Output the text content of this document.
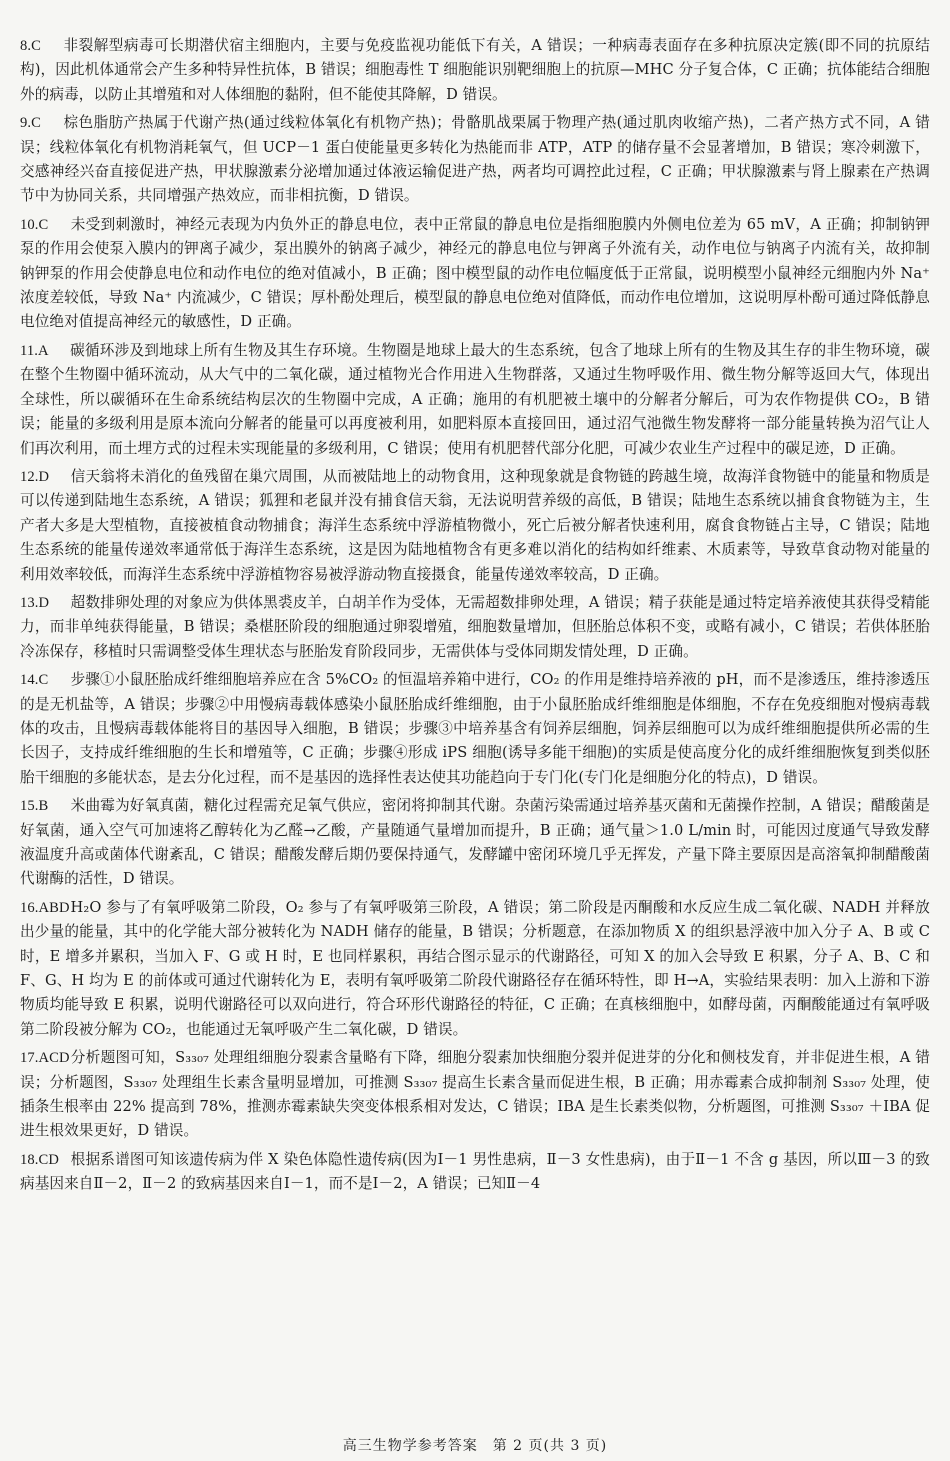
8.C 非裂解型病毒可长期潜伏宿主细胞内，主要与免疫监视功能低下有关，A 错误；一种病毒表面存在多种抗原决定簇(即不同的抗原结构)，因此机体通常会产生多种特异性抗体，B 错误；细胞毒性 T 细胞能识别靶细胞上的抗原—MHC 分子复合体，C 正确；抗体能结合细胞外的病毒，以防止其增殖和对人体细胞的黏附，但不能使其降解，D 错误。
9.C 棕色脂肪产热属于代谢产热(通过线粒体氧化有机物产热)；骨骼肌战栗属于物理产热(通过肌肉收缩产热)，二者产热方式不同，A 错误；线粒体氧化有机物消耗氧气，但 UCP－1 蛋白使能量更多转化为热能而非 ATP，ATP 的储存量不会显著增加，B 错误；寒冷刺激下，交感神经兴奋直接促进产热，甲状腺激素分泌增加通过体液运输促进产热，两者均可调控此过程，C 正确；甲状腺激素与肾上腺素在产热调节中为协同关系，共同增强产热效应，而非相抗衡，D 错误。
10.C 未受到刺激时，神经元表现为内负外正的静息电位，表中正常鼠的静息电位是指细胞膜内外侧电位差为 65 mV，A 正确；抑制钠钾泵的作用会使泵入膜内的钾离子减少，泵出膜外的钠离子减少，神经元的静息电位与钾离子外流有关，动作电位与钠离子内流有关，故抑制钠钾泵的作用会使静息电位和动作电位的绝对值减小，B 正确；图中模型鼠的动作电位幅度低于正常鼠，说明模型小鼠神经元细胞内外 Na⁺ 浓度差较低，导致 Na⁺ 内流减少，C 错误；厚朴酚处理后，模型鼠的静息电位绝对值降低，而动作电位增加，这说明厚朴酚可通过降低静息电位绝对值提高神经元的敏感性，D 正确。
11.A 碳循环涉及到地球上所有生物及其生存环境。生物圈是地球上最大的生态系统，包含了地球上所有的生物及其生存的非生物环境，碳在整个生物圈中循环流动，从大气中的二氧化碳，通过植物光合作用进入生物群落，又通过生物呼吸作用、微生物分解等返回大气，体现出全球性，所以碳循环在生命系统结构层次的生物圈中完成，A 正确；施用的有机肥被土壤中的分解者分解后，可为农作物提供 CO₂，B 错误；能量的多级利用是原本流向分解者的能量可以再度被利用，如肥料原本直接回田，通过沼气池微生物发酵将一部分能量转换为沼气让人们再次利用，而土埋方式的过程未实现能量的多级利用，C 错误；使用有机肥替代部分化肥，可减少农业生产过程中的碳足迹，D 正确。
12.D 信天翁将未消化的鱼残留在巢穴周围，从而被陆地上的动物食用，这种现象就是食物链的跨越生境，故海洋食物链中的能量和物质是可以传递到陆地生态系统，A 错误；狐狸和老鼠并没有捕食信天翁，无法说明营养级的高低，B 错误；陆地生态系统以捕食食物链为主，生产者大多是大型植物，直接被植食动物捕食；海洋生态系统中浮游植物微小，死亡后被分解者快速利用，腐食食物链占主导，C 错误；陆地生态系统的能量传递效率通常低于海洋生态系统，这是因为陆地植物含有更多难以消化的结构如纤维素、木质素等，导致草食动物对能量的利用效率较低，而海洋生态系统中浮游植物容易被浮游动物直接摄食，能量传递效率较高，D 正确。
13.D 超数排卵处理的对象应为供体黑裘皮羊，白胡羊作为受体，无需超数排卵处理，A 错误；精子获能是通过特定培养液使其获得受精能力，而非单纯获得能量，B 错误；桑椹胚阶段的细胞通过卵裂增殖，细胞数量增加，但胚胎总体积不变，或略有减小，C 错误；若供体胚胎冷冻保存，移植时只需调整受体生理状态与胚胎发育阶段同步，无需供体与受体同期发情处理，D 正确。
14.C 步骤①小鼠胚胎成纤维细胞培养应在含 5%CO₂ 的恒温培养箱中进行，CO₂ 的作用是维持培养液的 pH，而不是渗透压，维持渗透压的是无机盐等，A 错误；步骤②中用慢病毒载体感染小鼠胚胎成纤维细胞，由于小鼠胚胎成纤维细胞是体细胞，不存在免疫细胞对慢病毒载体的攻击，且慢病毒载体能将目的基因导入细胞，B 错误；步骤③中培养基含有饲养层细胞，饲养层细胞可以为成纤维细胞提供所必需的生长因子，支持成纤维细胞的生长和增殖等，C 正确；步骤④形成 iPS 细胞(诱导多能干细胞)的实质是使高度分化的成纤维细胞恢复到类似胚胎干细胞的多能状态，是去分化过程，而不是基因的选择性表达使其功能趋向于专门化(专门化是细胞分化的特点)，D 错误。
15.B 米曲霉为好氧真菌，糖化过程需充足氧气供应，密闭将抑制其代谢。杂菌污染需通过培养基灭菌和无菌操作控制，A 错误；醋酸菌是好氧菌，通入空气可加速将乙醇转化为乙醛→乙酸，产量随通气量增加而提升，B 正确；通气量＞1.0 L/min 时，可能因过度通气导致发酵液温度升高或菌体代谢紊乱，C 错误；醋酸发酵后期仍要保持通气，发酵罐中密闭环境几乎无挥发，产量下降主要原因是高溶氧抑制醋酸菌代谢酶的活性，D 错误。
16.ABDH₂O 参与了有氧呼吸第二阶段，O₂ 参与了有氧呼吸第三阶段，A 错误；第二阶段是丙酮酸和水反应生成二氧化碳、NADH 并释放出少量的能量，其中的化学能大部分被转化为 NADH 储存的能量，B 错误；分析题意，在添加物质 X 的组织悬浮液中加入分子 A、B 或 C 时，E 增多并累积，当加入 F、G 或 H 时，E 也同样累积，再结合图示显示的代谢路径，可知 X 的加入会导致 E 积累，分子 A、B、C 和 F、G、H 均为 E 的前体或可通过代谢转化为 E，表明有氧呼吸第二阶段代谢路径存在循环特性，即 H→A，实验结果表明：加入上游和下游物质均能导致 E 积累，说明代谢路径可以双向进行，符合环形代谢路径的特征，C 正确；在真核细胞中，如酵母菌，丙酮酸能通过有氧呼吸第二阶段被分解为 CO₂，也能通过无氧呼吸产生二氧化碳，D 错误。
17.ACD分析题图可知，S₃₃₀₇ 处理组细胞分裂素含量略有下降，细胞分裂素加快细胞分裂并促进芽的分化和侧枝发育，并非促进生根，A 错误；分析题图，S₃₃₀₇ 处理组生长素含量明显增加，可推测 S₃₃₀₇ 提高生长素含量而促进生根，B 正确；用赤霉素合成抑制剂 S₃₃₀₇ 处理，使插条生根率由 22% 提高到 78%，推测赤霉素缺失突变体根系相对发达，C 错误；IBA 是生长素类似物，分析题图，可推测 S₃₃₀₇ ＋IBA 促进生根效果更好，D 错误。
18.CD 根据系谱图可知该遗传病为伴 X 染色体隐性遗传病(因为Ⅰ－1 男性患病，Ⅱ－3 女性患病)，由于Ⅱ－1 不含 g 基因，所以Ⅲ－3 的致病基因来自Ⅱ－2，Ⅱ－2 的致病基因来自Ⅰ－1，而不是Ⅰ－2，A 错误；已知Ⅱ－4
高三生物学参考答案　第 2 页(共 3 页)
